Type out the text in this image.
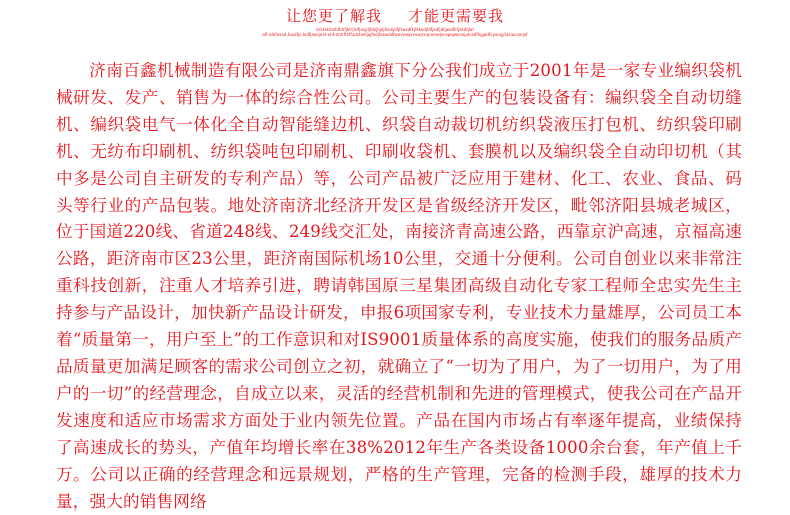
让您更了解我 才能更需要我
tHIJxklnbfdfdrfjkfr(tdf|asjdjfdsjhjdjfsasjdfjfsasdfkjfkksdjfdfjsdfjdfjasdfkfjskdfjlaf
aff-idhfasod,fasdfjn,lsdfjasejeel-ehfr2r2rff2ff1dxfasfjajfsdjfaswddfwevwwjvxowjrxojrwowjscspajwecsjalcsdfhgjadfcyuiajyfusiacvsrjsf

济南百鑫机械制造有限公司是济南鼎鑫旗下分公我们成立于2001年是一家专业编织袋机械研发、发产、销售为一体的综合性公司。公司主要生产的包装设备有：编织袋全自动切缝机、编织袋电气一体化全自动智能缝边机、织袋自动裁切机纺织袋液压打包机、纺织袋印刷机、无纺布印刷机、纺织袋吨包印刷机、印刷收袋机、套膜机以及编织袋全自动印切机（其中多是公司自主研发的专利产品）等，公司产品被广泛应用于建材、化工、农业、食品、码头等行业的产品包装。地处济南济北经济开发区是省级经济开发区，毗邻济阳县城老城区，位于国道220线、省道248线、249线交汇处，南接济青高速公路，西靠京沪高速，京福高速公路，距济南市区23公里，距济南国际机场10公里，交通十分便利。公司自创业以来非常注重科技创新，注重人才培养引进，聘请韩国原三星集团高级自动化专家工程师全忠实先生主持参与产品设计，加快新产品设计研发，申报6项国家专利，专业技术力量雄厚，公司员工本着“质量第一，用户至上”的工作意识和对IS9001质量体系的高度实施，使我们的服务品质产品质量更加满足顾客的需求公司创立之初，就确立了“一切为了用户，为了一切用户，为了用户的一切”的经营理念，自成立以来，灵活的经营机制和先进的管理模式，使我公司在产品开发速度和适应市场需求方面处于业内领先位置。产品在国内市场占有率逐年提高，业绩保持了高速成长的势头，产值年均增长率在38%2012年生产各类设备1000余台套，年产值上千万。公司以正确的经营理念和远景规划，严格的生产管理，完备的检测手段，雄厚的技术力量，强大的销售网络
